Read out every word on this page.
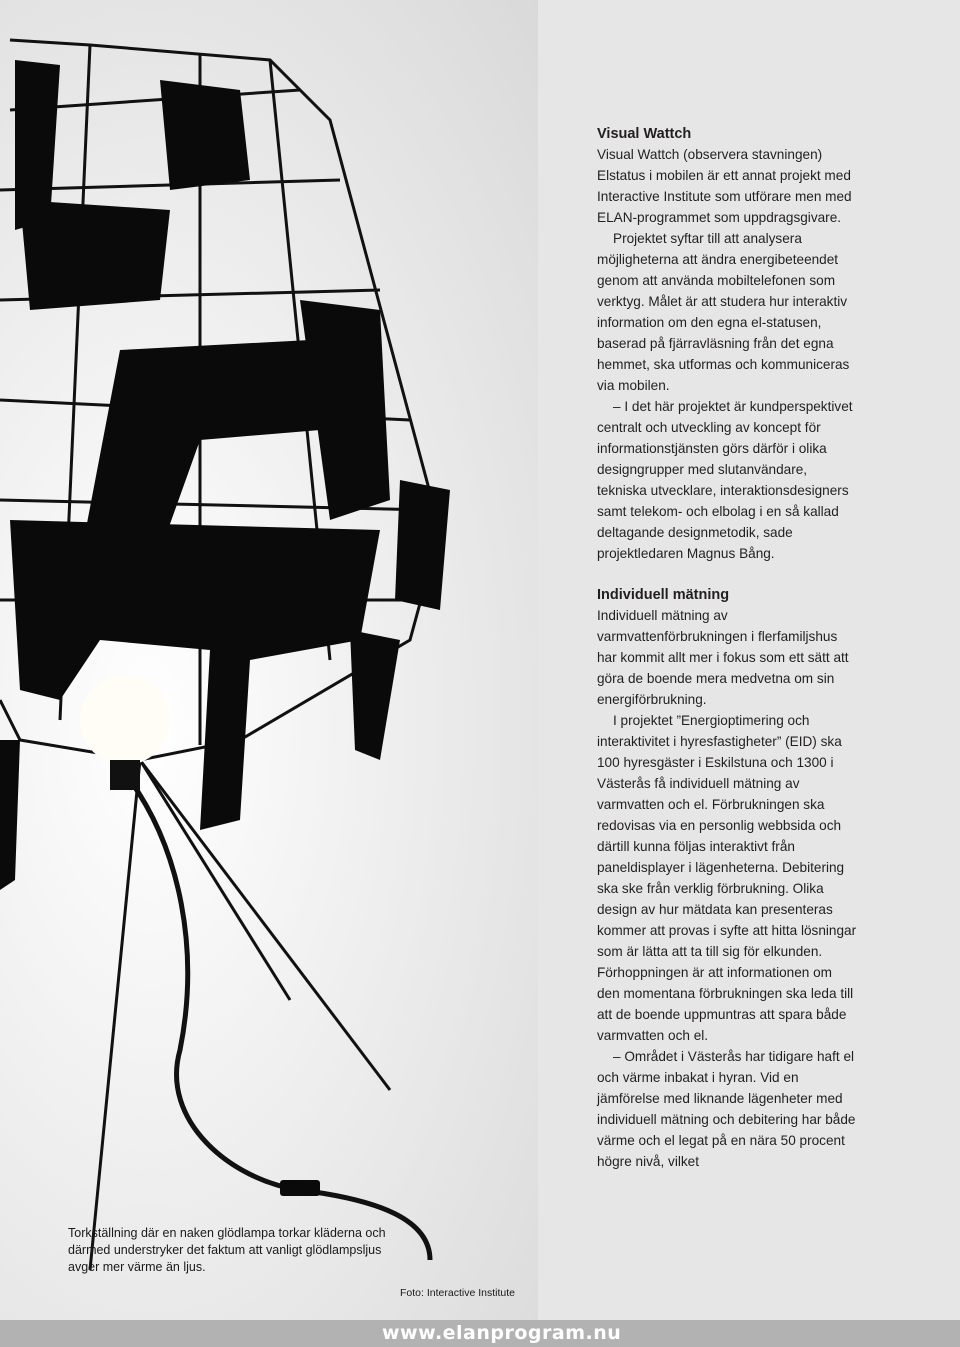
Torkställning där en naken glödlampa torkar kläderna och därmed understryker det faktum att vanligt glödlampsljus avger mer värme än ljus.
Foto: Interactive Institute
Visual Wattch

Visual Wattch (observera stavningen) Elstatus i mobilen är ett annat projekt med Interactive Institute som utförare men med ELAN-programmet som uppdragsgivare.

Projektet syftar till att analysera möjligheterna att ändra energibeteendet genom att använda mobiltelefonen som verktyg. Målet är att studera hur interaktiv information om den egna el-statusen, baserad på fjärravläsning från det egna hemmet, ska utformas och kommuniceras via mobilen.

– I det här projektet är kundperspektivet centralt och utveckling av koncept för informationstjänsten görs därför i olika designgrupper med slutanvändare, tekniska utvecklare, interaktionsdesigners samt telekom- och elbolag i en så kallad deltagande designmetodik, sade projektledaren Magnus Bång.

Individuell mätning

Individuell mätning av varmvattenförbrukningen i flerfamiljshus har kommit allt mer i fokus som ett sätt att göra de boende mera medvetna om sin energiförbrukning.

I projektet ”Energioptimering och interaktivitet i hyresfastigheter” (EID) ska 100 hyresgäster i Eskilstuna och 1300 i Västerås få individuell mätning av varmvatten och el. Förbrukningen ska redovisas via en personlig webbsida och därtill kunna följas interaktivt från paneldisplayer i lägenheterna. Debitering ska ske från verklig förbrukning. Olika design av hur mätdata kan presenteras kommer att provas i syfte att hitta lösningar som är lätta att ta till sig för elkunden. Förhoppningen är att informationen om den momentana förbrukningen ska leda till att de boende uppmuntras att spara både varmvatten och el.

– Området i Västerås har tidigare haft el och värme inbakat i hyran. Vid en jämförelse med liknande lägenheter med individuell mätning och debitering har både värme och el legat på en nära 50 procent högre nivå, vilket

www.elanprogram.nu
